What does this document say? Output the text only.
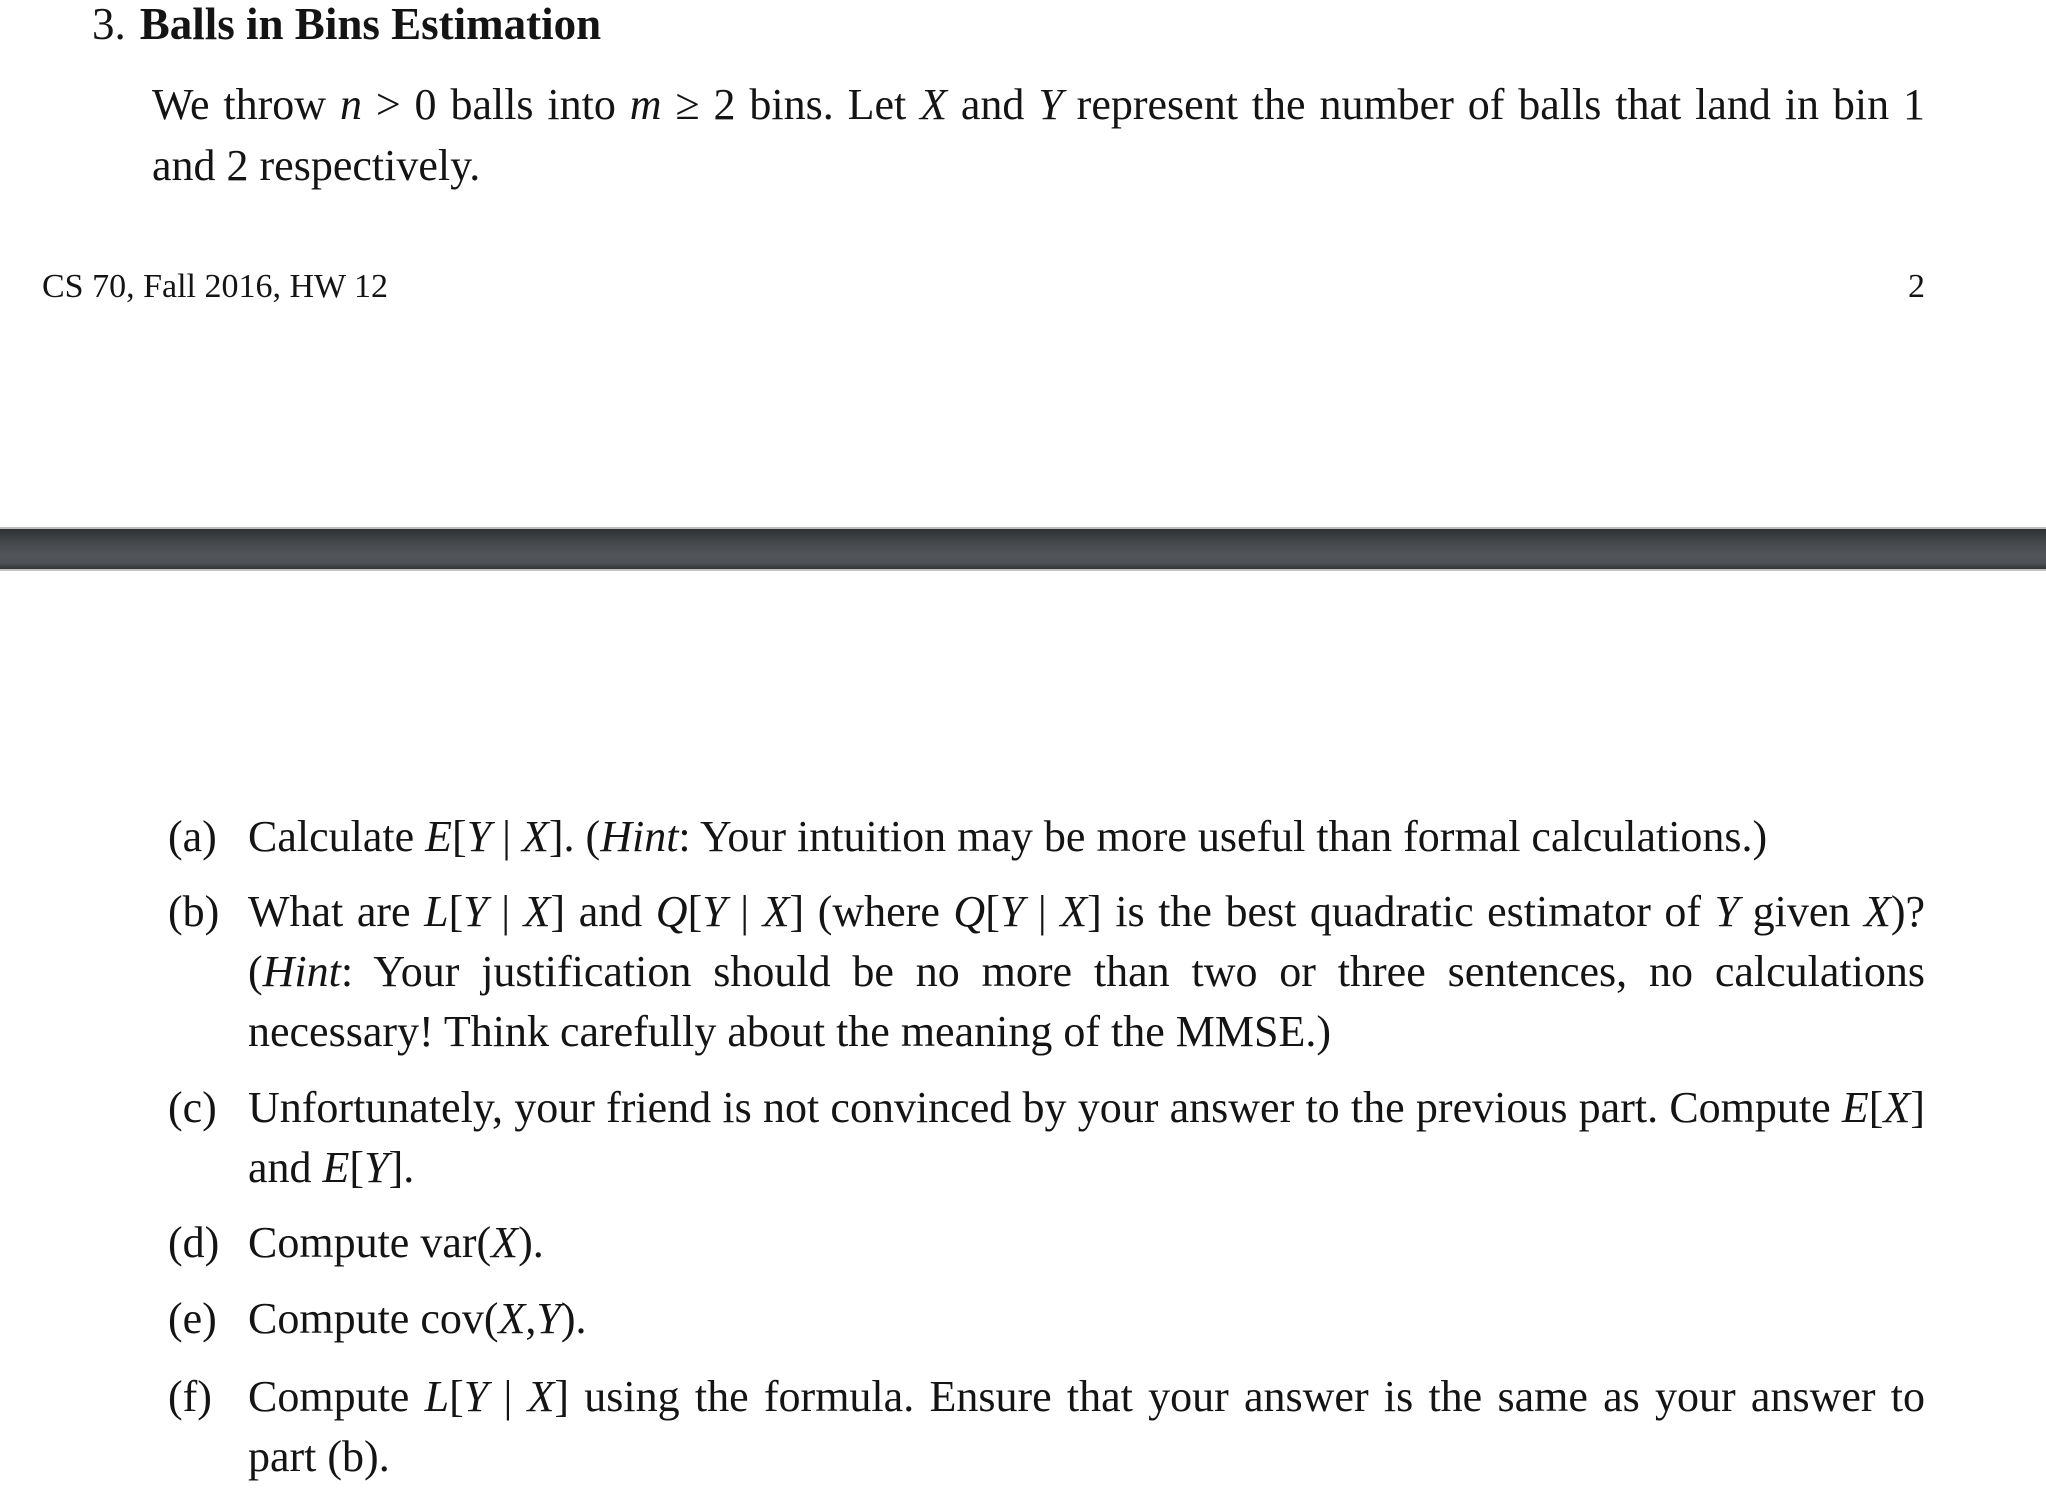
3. Balls in Bins Estimation
We throw n > 0 balls into m ≥ 2 bins. Let X and Y represent the number of balls that land in bin 1 and 2 respectively.
CS 70, Fall 2016, HW 12	2
(a) Calculate E[Y | X]. (Hint: Your intuition may be more useful than formal calculations.)
(b) What are L[Y | X] and Q[Y | X] (where Q[Y | X] is the best quadratic estimator of Y given X)? (Hint: Your justification should be no more than two or three sentences, no calculations necessary! Think carefully about the meaning of the MMSE.)
(c) Unfortunately, your friend is not convinced by your answer to the previous part. Compute E[X] and E[Y].
(d) Compute var(X).
(e) Compute cov(X,Y).
(f) Compute L[Y | X] using the formula. Ensure that your answer is the same as your answer to part (b).
